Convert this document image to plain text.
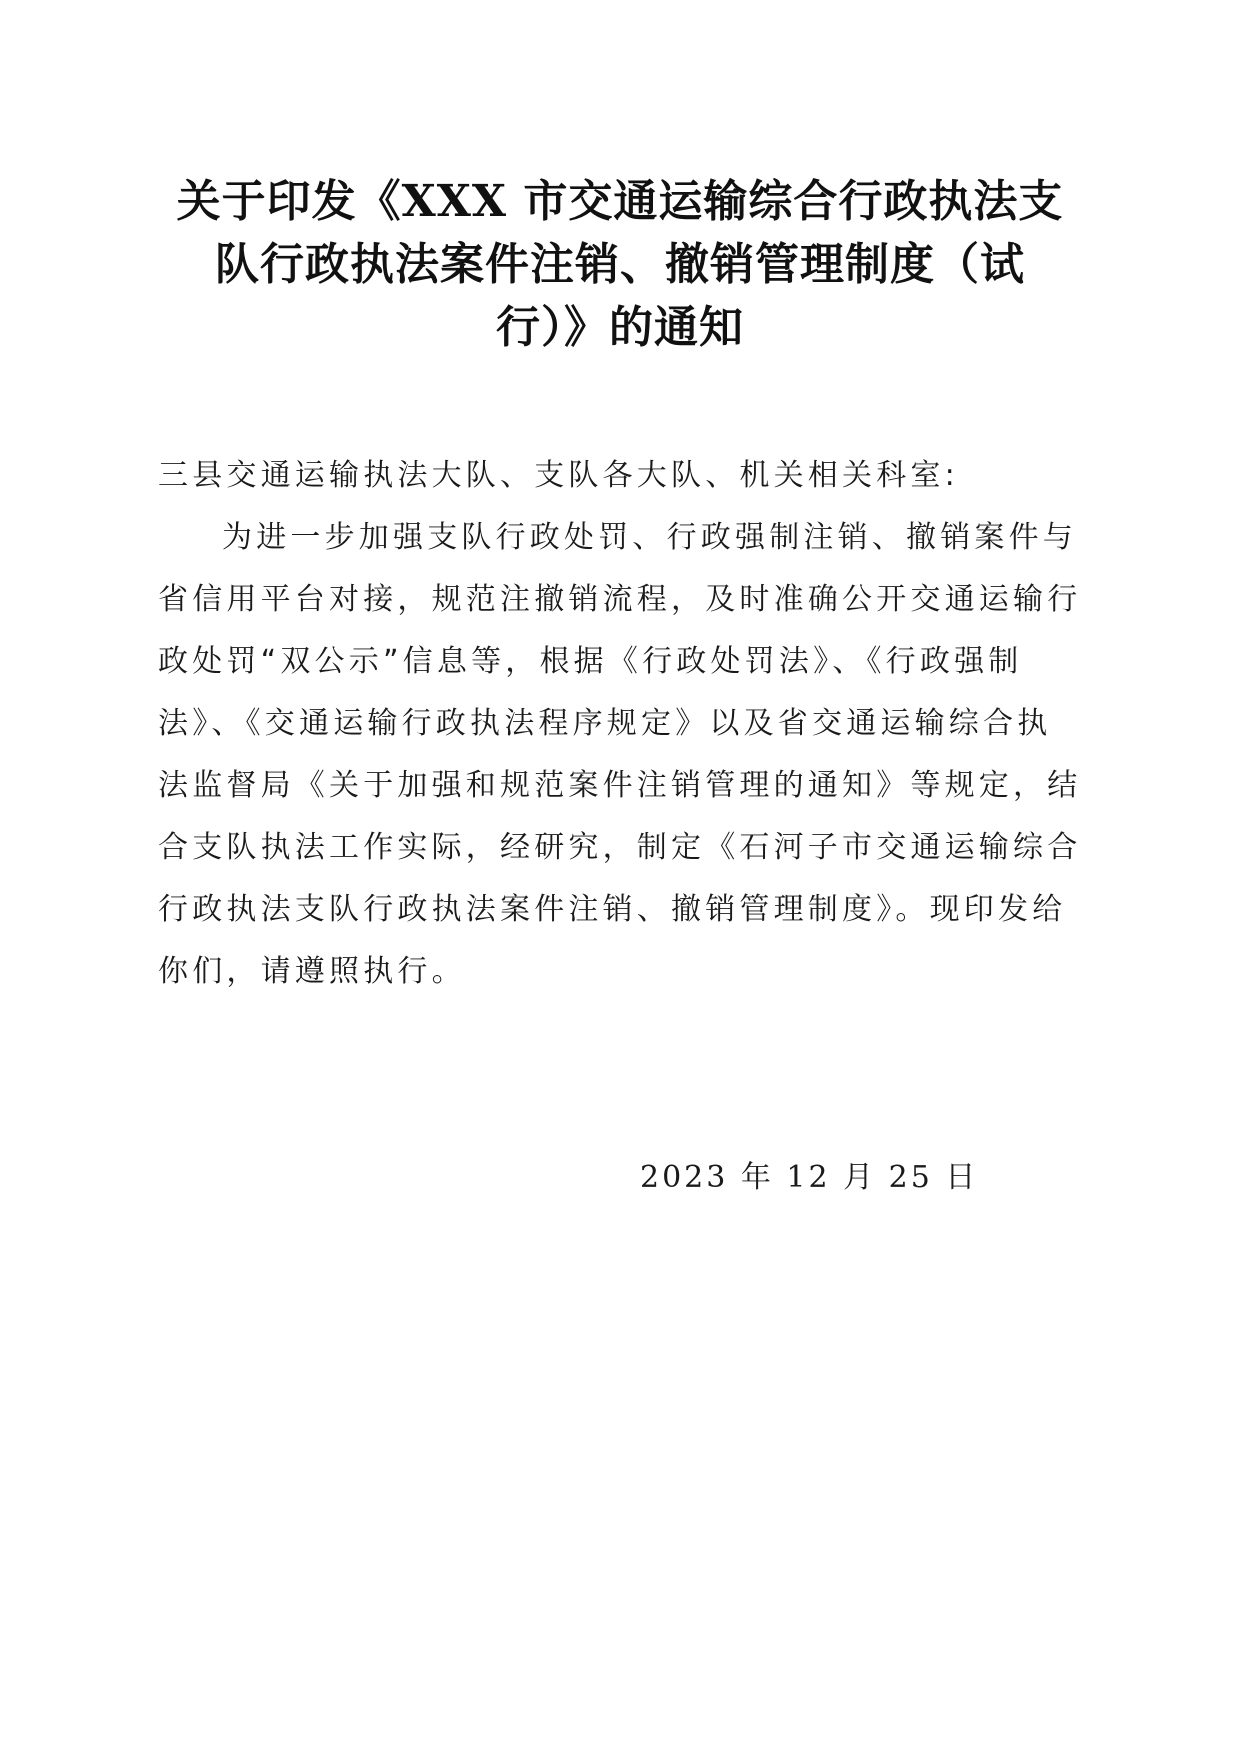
关于印发《XXX 市交通运输综合行政执法支
队行政执法案件注销、撤销管理制度（试
行）》的通知
三县交通运输执法大队、支队各大队、机关相关科室:
为进一步加强支队行政处罚、行政强制注销、撤销案件与
省信用平台对接，规范注撤销流程，及时准确公开交通运输行
政处罚“双公示”信息等，根据《行政处罚法》、《行政强制
法》、《交通运输行政执法程序规定》以及省交通运输综合执
法监督局《关于加强和规范案件注销管理的通知》等规定，结
合支队执法工作实际，经研究，制定《石河子市交通运输综合
行政执法支队行政执法案件注销、撤销管理制度》。现印发给
你们，请遵照执行。
2023 年 12 月 25 日
